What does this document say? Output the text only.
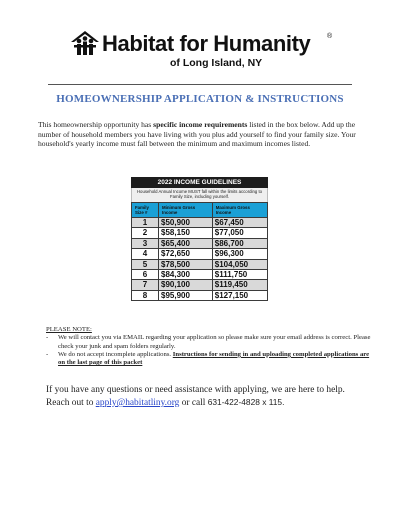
Habitat for Humanity ®
of Long Island, NY
HOMEOWNERSHIP APPLICATION & INSTRUCTIONS
This homeownership opportunity has specific income requirements listed in the box below. Add up the number of household members you have living with you plus add yourself to find your family size. Your household's yearly income must fall between the minimum and maximum incomes listed.
2022 INCOME GUIDELINES
Household Annual Income MUST fall within the limits according to Family Size, including yourself.
Family Size #	Minimum Gross Income	Maximum Gross Income
1	$50,900	$67,450
2	$58,150	$77,050
3	$65,400	$86,700
4	$72,650	$96,300
5	$78,500	$104,050
6	$84,300	$111,750
7	$90,100	$119,450
8	$95,900	$127,150
PLEASE NOTE:
- We will contact you via EMAIL regarding your application so please make sure your email address is correct. Please check your junk and spam folders regularly.
- We do not accept incomplete applications. Instructions for sending in and uploading completed applications are on the last page of this packet
If you have any questions or need assistance with applying, we are here to help. Reach out to apply@habitatliny.org or call 631-422-4828 x 115.
